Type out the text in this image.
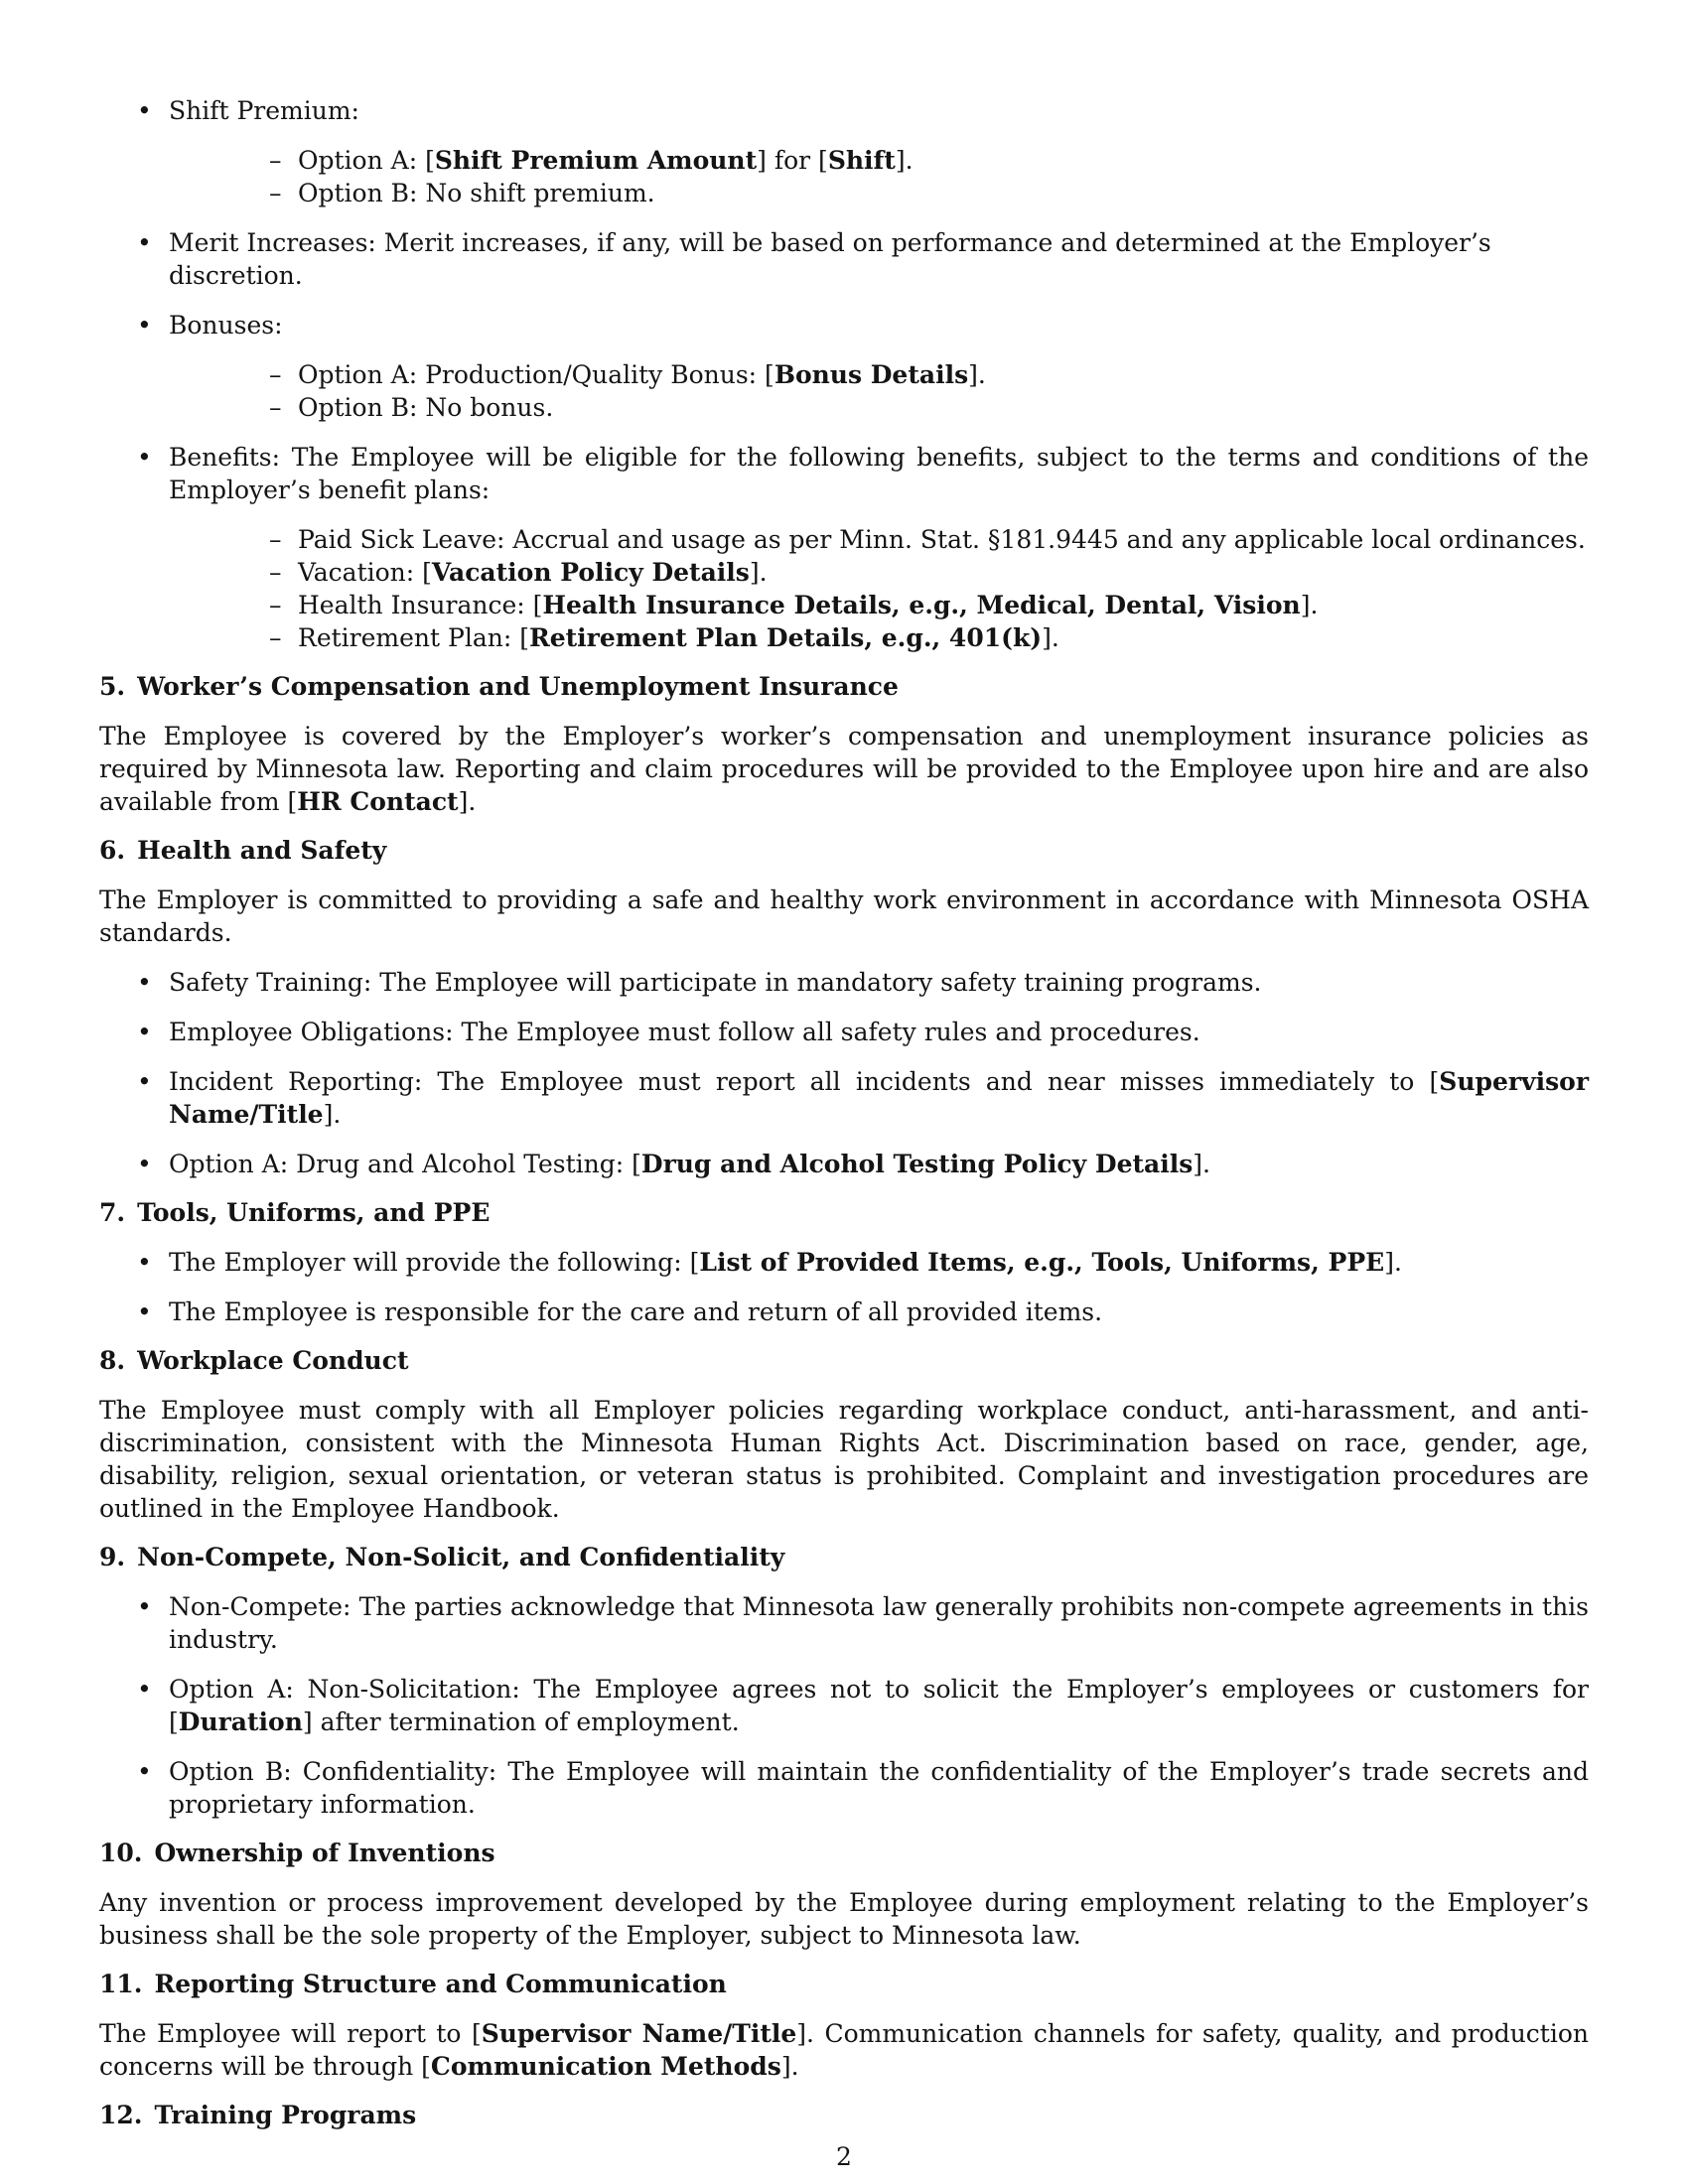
• Shift Premium:
– Option A: [Shift Premium Amount] for [Shift].
– Option B: No shift premium.
• Merit Increases: Merit increases, if any, will be based on performance and determined at the Employer’s discretion.
• Bonuses:
– Option A: Production/Quality Bonus: [Bonus Details].
– Option B: No bonus.

• Benefits: The Employee will be eligible for the following benefits, subject to the terms and conditions of the Employer’s benefit plans:

– Paid Sick Leave: Accrual and usage as per Minn. Stat. §181.9445 and any applicable local ordinances.
– Vacation: [Vacation Policy Details].
– Health Insurance: [Health Insurance Details, e.g., Medical, Dental, Vision].
– Retirement Plan: [Retirement Plan Details, e.g., 401(k)].
5. Worker’s Compensation and Unemployment Insurance

The Employee is covered by the Employer’s worker’s compensation and unemployment insurance policies as required by Minnesota law. Reporting and claim procedures will be provided to the Employee upon hire and are also available from [HR Contact].

6. Health and Safety

The Employer is committed to providing a safe and healthy work environment in accordance with Minnesota OSHA standards.

• Safety Training: The Employee will participate in mandatory safety training programs.
• Employee Obligations: The Employee must follow all safety rules and procedures.

• Incident Reporting: The Employee must report all incidents and near misses immediately to [Supervisor Name/Title].

• Option A: Drug and Alcohol Testing: [Drug and Alcohol Testing Policy Details].
7. Tools, Uniforms, and PPE
• The Employer will provide the following: [List of Provided Items, e.g., Tools, Uniforms, PPE].
• The Employee is responsible for the care and return of all provided items.
8. Workplace Conduct

The Employee must comply with all Employer policies regarding workplace conduct, anti-harassment, and anti-discrimination, consistent with the Minnesota Human Rights Act. Discrimination based on race, gender, age, disability, religion, sexual orientation, or veteran status is prohibited. Complaint and investigation procedures are outlined in the Employee Handbook.

9. Non-Compete, Non-Solicit, and Confidentiality

• Non-Compete: The parties acknowledge that Minnesota law generally prohibits non-compete agreements in this industry.

• Option A: Non-Solicitation: The Employee agrees not to solicit the Employer’s employees or customers for [Duration] after termination of employment.

• Option B: Confidentiality: The Employee will maintain the confidentiality of the Employer’s trade secrets and proprietary information.

10. Ownership of Inventions

Any invention or process improvement developed by the Employee during employment relating to the Employer’s business shall be the sole property of the Employer, subject to Minnesota law.

11. Reporting Structure and Communication

The Employee will report to [Supervisor Name/Title]. Communication channels for safety, quality, and production concerns will be through [Communication Methods].

12. Training Programs
2
